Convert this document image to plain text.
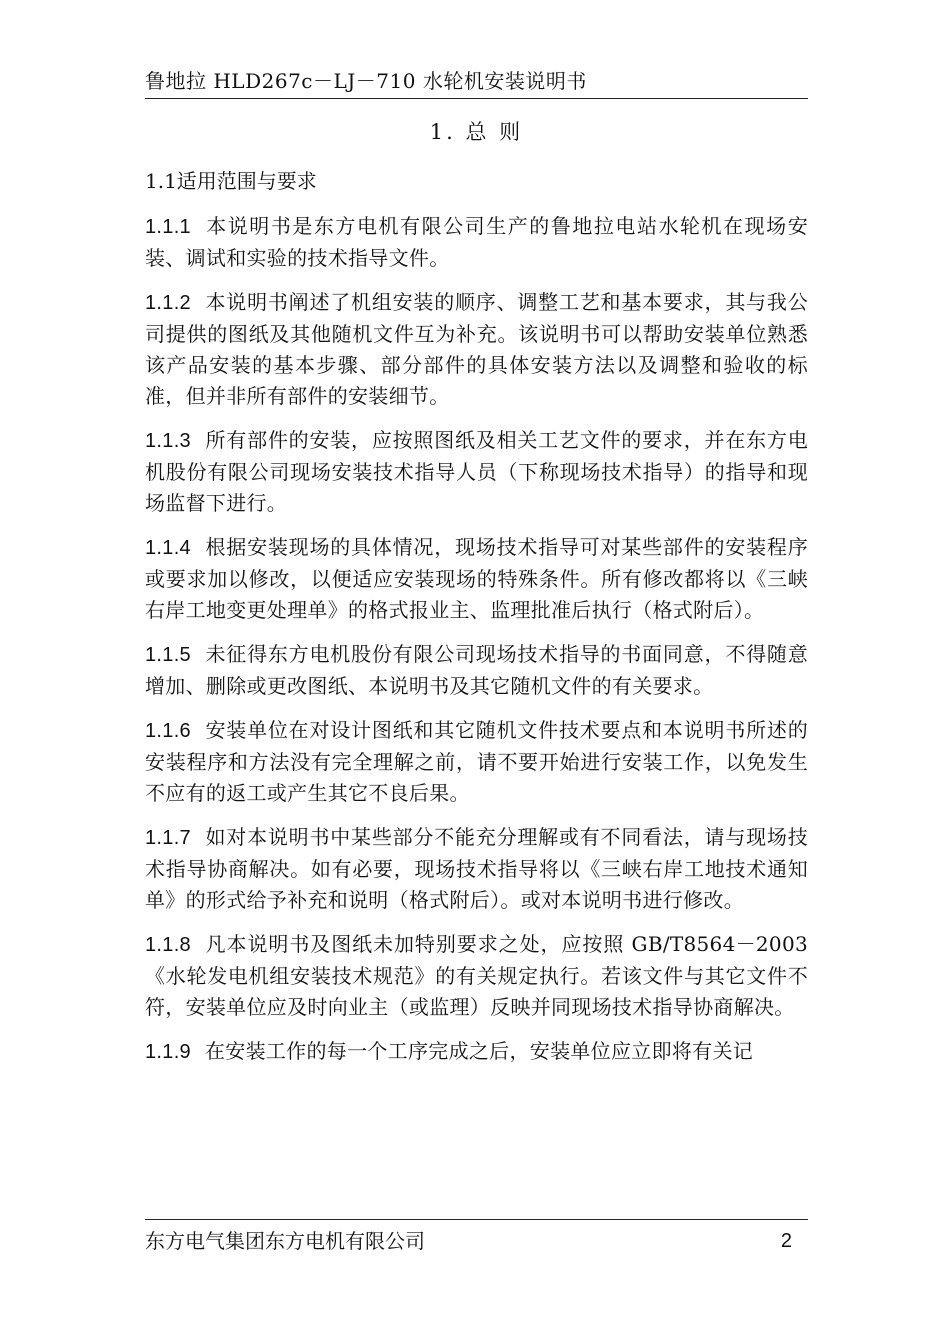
鲁地拉 HLD267c－LJ－710 水轮机安装说明书
1. 总 则
1.1适用范围与要求

1.1.1 本说明书是东方电机有限公司生产的鲁地拉电站水轮机在现场安装、调试和实验的技术指导文件。

1.1.2 本说明书阐述了机组安装的顺序、调整工艺和基本要求，其与我公司提供的图纸及其他随机文件互为补充。该说明书可以帮助安装单位熟悉该产品安装的基本步骤、部分部件的具体安装方法以及调整和验收的标准，但并非所有部件的安装细节。

1.1.3 所有部件的安装，应按照图纸及相关工艺文件的要求，并在东方电机股份有限公司现场安装技术指导人员（下称现场技术指导）的指导和现场监督下进行。

1.1.4 根据安装现场的具体情况，现场技术指导可对某些部件的安装程序或要求加以修改，以便适应安装现场的特殊条件。所有修改都将以《三峡右岸工地变更处理单》的格式报业主、监理批准后执行（格式附后）。

1.1.5 未征得东方电机股份有限公司现场技术指导的书面同意，不得随意增加、删除或更改图纸、本说明书及其它随机文件的有关要求。

1.1.6 安装单位在对设计图纸和其它随机文件技术要点和本说明书所述的安装程序和方法没有完全理解之前，请不要开始进行安装工作，以免发生不应有的返工或产生其它不良后果。

1.1.7 如对本说明书中某些部分不能充分理解或有不同看法，请与现场技术指导协商解决。如有必要，现场技术指导将以《三峡右岸工地技术通知单》的形式给予补充和说明（格式附后）。或对本说明书进行修改。

1.1.8 凡本说明书及图纸未加特别要求之处，应按照 GB/T8564－2003《水轮发电机组安装技术规范》的有关规定执行。若该文件与其它文件不符，安装单位应及时向业主（或监理）反映并同现场技术指导协商解决。

1.1.9 在安装工作的每一个工序完成之后，安装单位应立即将有关记

东方电气集团东方电机有限公司	2
